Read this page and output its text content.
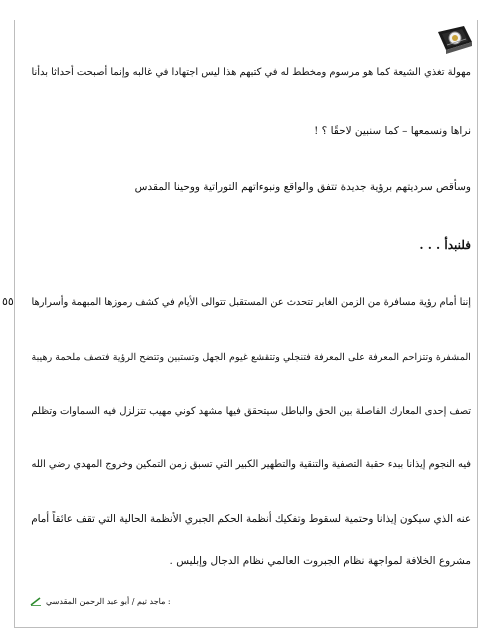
مهولة تغذي الشيعة كما هو مرسوم ومخطط له في كتبهم هذا ليس اجتهادا في غالبه وإنما أصبحت أحداثا بدأنا
نراها ونسمعها – كما سنبين لاحقًا ؟ !
وسأقص سرديتهم برؤية جديدة تتفق والواقع ونبوءاتهم التوراتية ووحينا المقدس
فلنبدأ . . .
٥٥ إننا أمام رؤية مسافرة من الزمن الغابر تتحدث عن المستقبل تتوالى الأيام في كشف رموزها المبهمة وأسرارها
المشفرة وتتزاحم المعرفة على المعرفة فتنجلي وتتقشع غيوم الجهل وتستبين وتتضح الرؤية فتصف ملحمة رهيبة
تصف إحدى المعارك الفاصلة بين الحق والباطل سيتحقق فيها مشهد كوني مهيب تتزلزل فيه السماوات وتظلم
فيه النجوم إيذانا ببدء حقبة التصفية والتنقية والتطهير الكبير التي تسبق زمن التمكين وخروج المهدي رضي الله
عنه الذي سيكون إيذانا وحتمية لسقوط وتفكيك أنظمة الحكم الجبري الأنظمة الحالية التي تقف عائقاً أمام
مشروع الخلافة لمواجهة نظام الجبروت العالمي نظام الدجال وإبليس .
: ماجد تيم / أبو عبد الرحمن المقدسي
